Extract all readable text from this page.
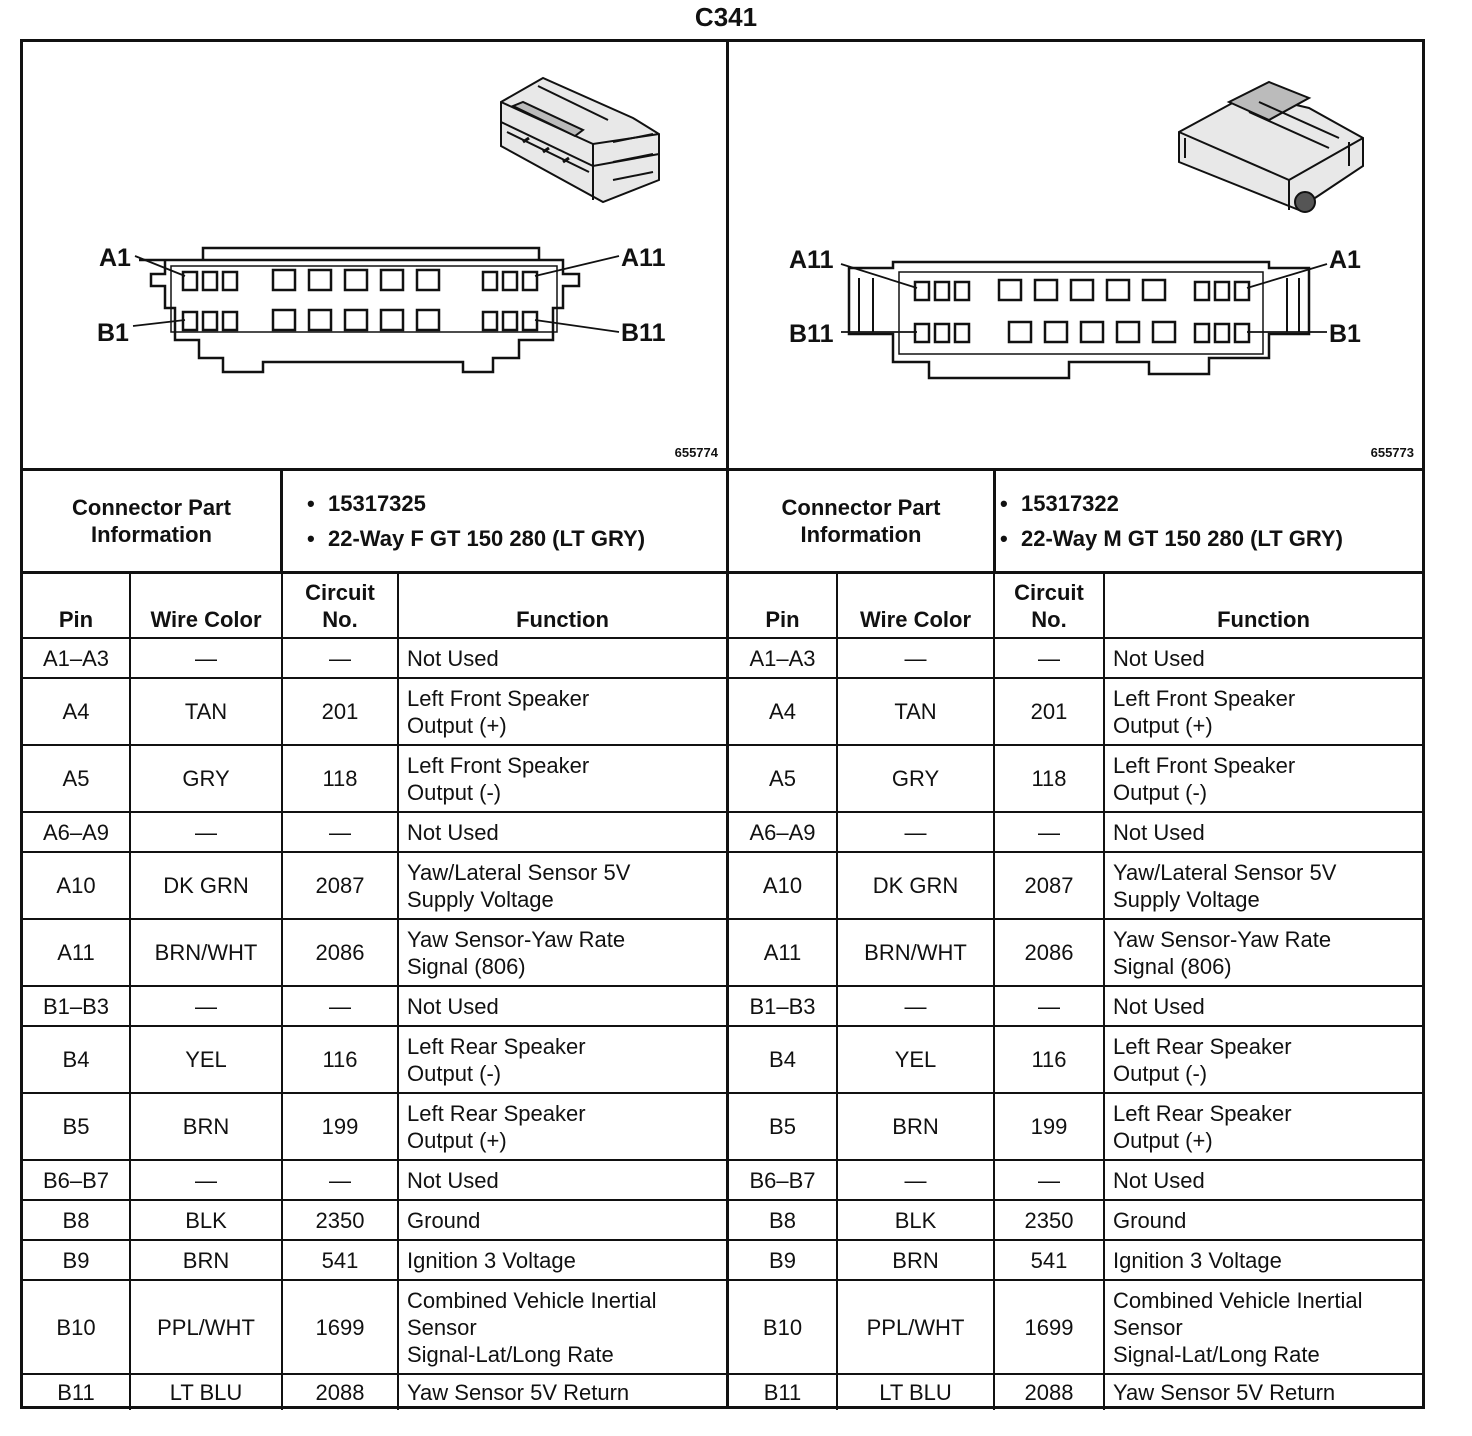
C341
A1	A11
B1	B11
655774
A11	A1
B11	B1
655773
Connector Part Information
• 15317325
• 22-Way F GT 150 280 (LT GRY)
Pin	Wire Color	Circuit No.	Function
A1–A3	—	—	Not Used
A4	TAN	201	Left Front Speaker
Output (+)
A5	GRY	118	Left Front Speaker
Output (-)
A6–A9	—	—	Not Used
A10	DK GRN	2087	Yaw/Lateral Sensor 5V
Supply Voltage
A11	BRN/WHT	2086	Yaw Sensor-Yaw Rate
Signal (806)
B1–B3	—	—	Not Used
B4	YEL	116	Left Rear Speaker
Output (-)
B5	BRN	199	Left Rear Speaker
Output (+)
B6–B7	—	—	Not Used
B8	BLK	2350	Ground
B9	BRN	541	Ignition 3 Voltage
B10	PPL/WHT	1699	Combined Vehicle Inertial
Sensor
Signal-Lat/Long Rate
B11	LT BLU	2088	Yaw Sensor 5V Return
Connector Part Information
• 15317322
• 22-Way M GT 150 280 (LT GRY)
Pin	Wire Color	Circuit No.	Function
A1–A3	—	—	Not Used
A4	TAN	201	Left Front Speaker
Output (+)
A5	GRY	118	Left Front Speaker
Output (-)
A6–A9	—	—	Not Used
A10	DK GRN	2087	Yaw/Lateral Sensor 5V
Supply Voltage
A11	BRN/WHT	2086	Yaw Sensor-Yaw Rate
Signal (806)
B1–B3	—	—	Not Used
B4	YEL	116	Left Rear Speaker
Output (-)
B5	BRN	199	Left Rear Speaker
Output (+)
B6–B7	—	—	Not Used
B8	BLK	2350	Ground
B9	BRN	541	Ignition 3 Voltage
B10	PPL/WHT	1699	Combined Vehicle Inertial
Sensor
Signal-Lat/Long Rate
B11	LT BLU	2088	Yaw Sensor 5V Return
